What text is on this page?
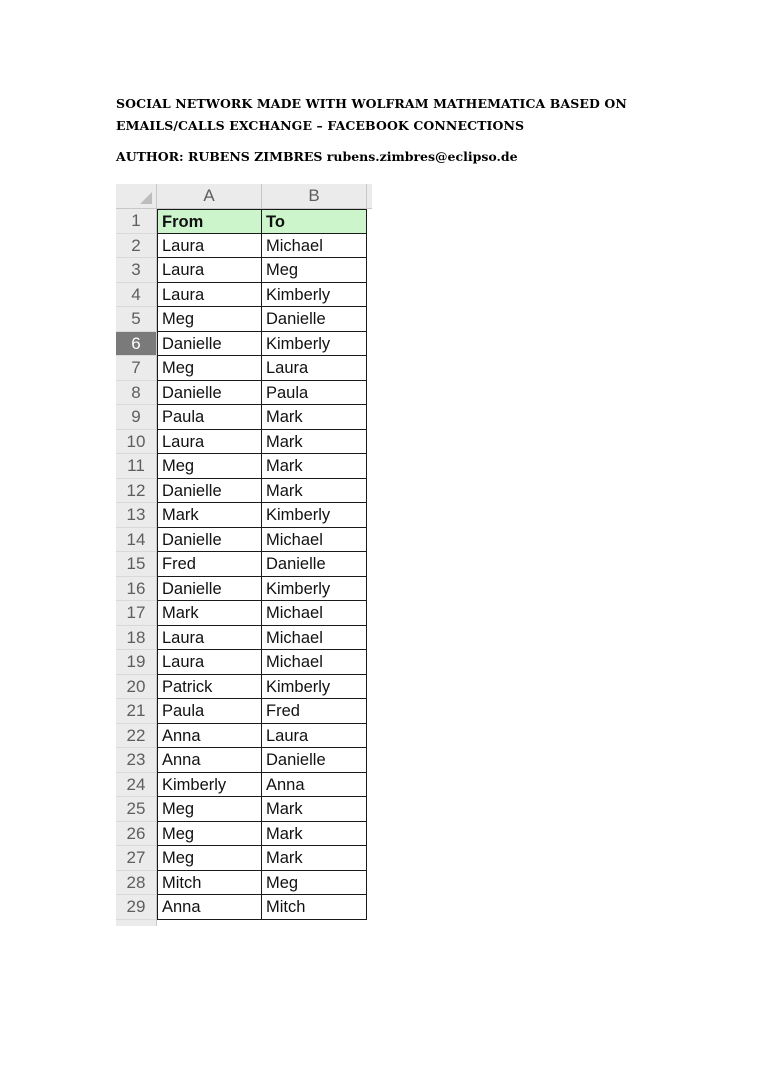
SOCIAL NETWORK MADE WITH WOLFRAM MATHEMATICA BASED ON
EMAILS/CALLS EXCHANGE – FACEBOOK CONNECTIONS
AUTHOR: RUBENS ZIMBRES rubens.zimbres@eclipso.de
A	B
1	From	To
2	Laura	Michael
3	Laura	Meg
4	Laura	Kimberly
5	Meg	Danielle
6	Danielle	Kimberly
7	Meg	Laura
8	Danielle	Paula
9	Paula	Mark
10	Laura	Mark
11	Meg	Mark
12	Danielle	Mark
13	Mark	Kimberly
14	Danielle	Michael
15	Fred	Danielle
16	Danielle	Kimberly
17	Mark	Michael
18	Laura	Michael
19	Laura	Michael
20	Patrick	Kimberly
21	Paula	Fred
22	Anna	Laura
23	Anna	Danielle
24	Kimberly	Anna
25	Meg	Mark
26	Meg	Mark
27	Meg	Mark
28	Mitch	Meg
29	Anna	Mitch
